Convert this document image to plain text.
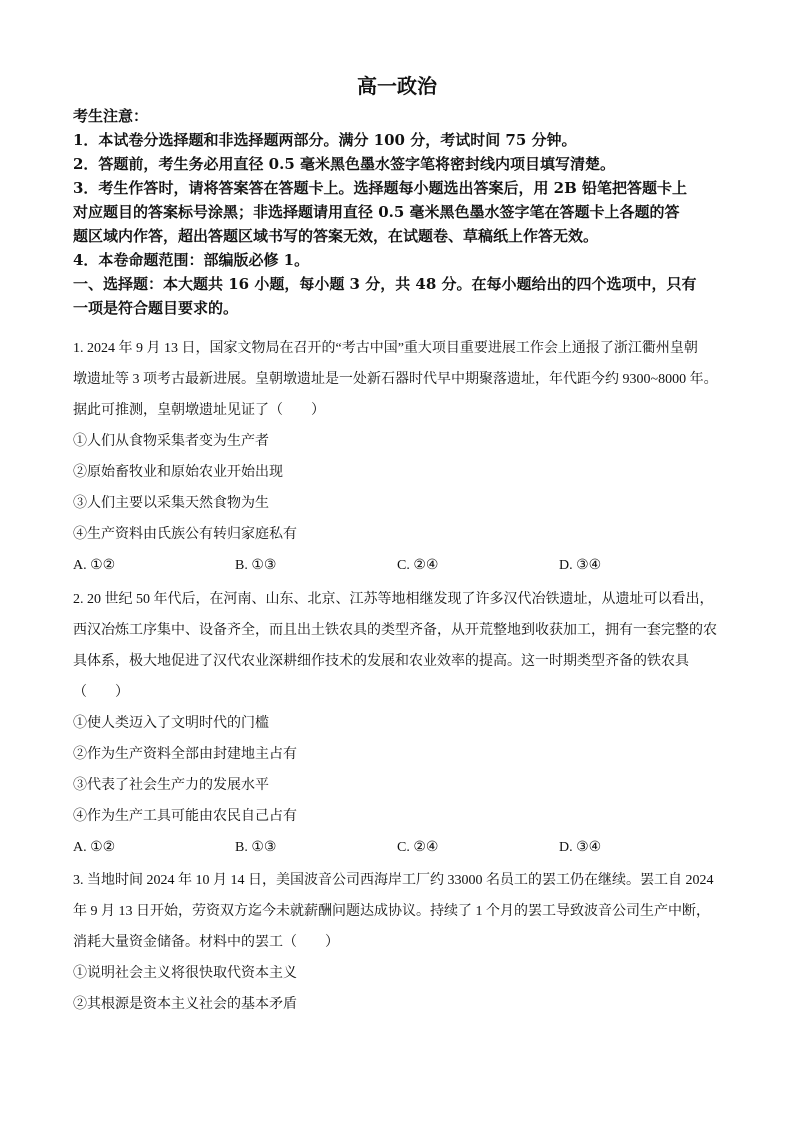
高一政治

考生注意：

1．本试卷分选择题和非选择题两部分。满分 100 分，考试时间 75 分钟。

2．答题前，考生务必用直径 0.5 毫米黑色墨水签字笔将密封线内项目填写清楚。

3．考生作答时，请将答案答在答题卡上。选择题每小题选出答案后，用 2B 铅笔把答题卡上

对应题目的答案标号涂黑；非选择题请用直径 0.5 毫米黑色墨水签字笔在答题卡上各题的答

题区域内作答，超出答题区域书写的答案无效，在试题卷、草稿纸上作答无效。

4．本卷命题范围：部编版必修 1。

一、选择题：本大题共 16 小题，每小题 3 分，共 48 分。在每小题给出的四个选项中，只有

一项是符合题目要求的。

1. 2024 年 9 月 13 日，国家文物局在召开的“考古中国”重大项目重要进展工作会上通报了浙江衢州皇朝

墩遗址等 3 项考古最新进展。皇朝墩遗址是一处新石器时代早中期聚落遗址，年代距今约 9300~8000 年。

据此可推测，皇朝墩遗址见证了（　　）

①人们从食物采集者变为生产者

②原始畜牧业和原始农业开始出现

③人们主要以采集天然食物为生

④生产资料由氏族公有转归家庭私有

A. ①②	B. ①③	C. ②④	D. ③④

2. 20 世纪 50 年代后，在河南、山东、北京、江苏等地相继发现了许多汉代冶铁遗址，从遗址可以看出，

西汉冶炼工序集中、设备齐全，而且出土铁农具的类型齐备，从开荒整地到收获加工，拥有一套完整的农

具体系，极大地促进了汉代农业深耕细作技术的发展和农业效率的提高。这一时期类型齐备的铁农具

（　　）

①使人类迈入了文明时代的门槛

②作为生产资料全部由封建地主占有

③代表了社会生产力的发展水平

④作为生产工具可能由农民自己占有

A. ①②	B. ①③	C. ②④	D. ③④

3. 当地时间 2024 年 10 月 14 日，美国波音公司西海岸工厂约 33000 名员工的罢工仍在继续。罢工自 2024

年 9 月 13 日开始，劳资双方迄今未就薪酬问题达成协议。持续了 1 个月的罢工导致波音公司生产中断，

消耗大量资金储备。材料中的罢工（　　）

①说明社会主义将很快取代资本主义

②其根源是资本主义社会的基本矛盾
